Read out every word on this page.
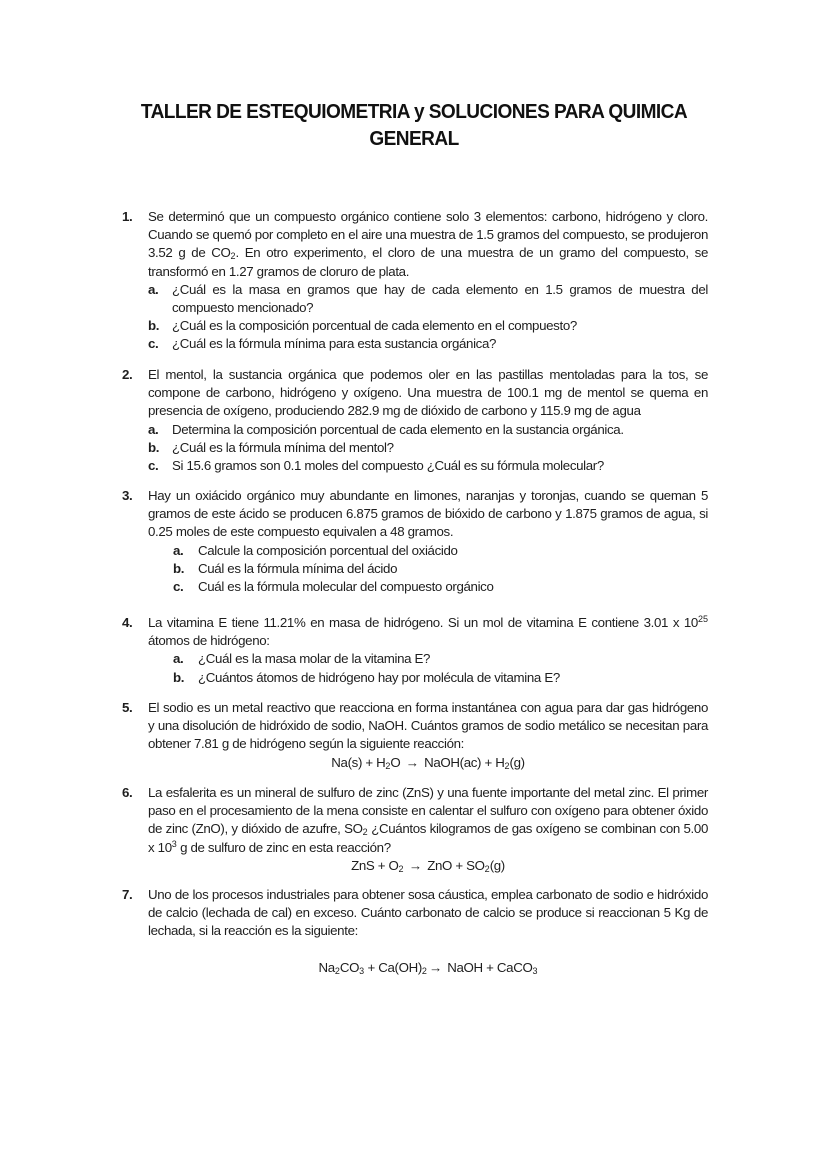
TALLER DE ESTEQUIOMETRIA y SOLUCIONES PARA QUIMICA
GENERAL
1.	Se determinó que un compuesto orgánico contiene solo 3 elementos: carbono, hidrógeno y cloro. Cuando se quemó por completo en el aire una muestra de 1.5 gramos del compuesto, se produjeron 3.52 g de $CO_2$. En otro experimento, el cloro de una muestra de un gramo del compuesto, se transformó en 1.27 gramos de cloruro de plata.
a. ¿Cuál es la masa en gramos que hay de cada elemento en 1.5 gramos de muestra del compuesto mencionado?
b. ¿Cuál es la composición porcentual de cada elemento en el compuesto?
c. ¿Cuál es la fórmula mínima para esta sustancia orgánica?
2.	El mentol, la sustancia orgánica que podemos oler en las pastillas mentoladas para la tos, se compone de carbono, hidrógeno y oxígeno. Una muestra de 100.1 mg de mentol se quema en presencia de oxígeno, produciendo 282.9 mg de dióxido de carbono y 115.9 mg de agua
a. Determina la composición porcentual de cada elemento en la sustancia orgánica.
b. ¿Cuál es la fórmula mínima del mentol?
c. Si 15.6 gramos son 0.1 moles del compuesto ¿Cuál es su fórmula molecular?
3.	Hay un oxiácido orgánico muy abundante en limones, naranjas y toronjas, cuando se queman 5 gramos de este ácido se producen 6.875 gramos de bióxido de carbono y 1.875 gramos de agua, si 0.25 moles de este compuesto equivalen a 48 gramos.
a. Calcule la composición porcentual del oxiácido
b. Cuál es la fórmula mínima del ácido
c. Cuál es la fórmula molecular del compuesto orgánico
4.	La vitamina E tiene 11.21% en masa de hidrógeno. Si un mol de vitamina E contiene 3.01 x $10^{25}$ átomos de hidrógeno:
a. ¿Cuál es la masa molar de la vitamina E?
b. ¿Cuántos átomos de hidrógeno hay por molécula de vitamina E?
5.	El sodio es un metal reactivo que reacciona en forma instantánea con agua para dar gas hidrógeno y una disolución de hidróxido de sodio, NaOH. Cuántos gramos de sodio metálico se necesitan para obtener 7.81 g de hidrógeno según la siguiente reacción:
$Na(s) + H_2O$ → NaOH(ac) + $H_2(g)$
6.	La esfalerita es un mineral de sulfuro de zinc (ZnS) y una fuente importante del metal zinc. El primer paso en el procesamiento de la mena consiste en calentar el sulfuro con oxígeno para obtener óxido de zinc (ZnO), y dióxido de azufre, $SO_2$ ¿Cuántos kilogramos de gas oxígeno se combinan con 5.00 x $10^3$ g de sulfuro de zinc en esta reacción?
ZnS + $O_2$ → ZnO + $SO_2(g)$
7.	Uno de los procesos industriales para obtener sosa cáustica, emplea carbonato de sodio e hidróxido de calcio (lechada de cal) en exceso. Cuánto carbonato de calcio se produce si reaccionan 5 Kg de lechada, si la reacción es la siguiente:
$Na_2CO_3 + Ca(OH)_2$ → NaOH + CaCO$_3$
